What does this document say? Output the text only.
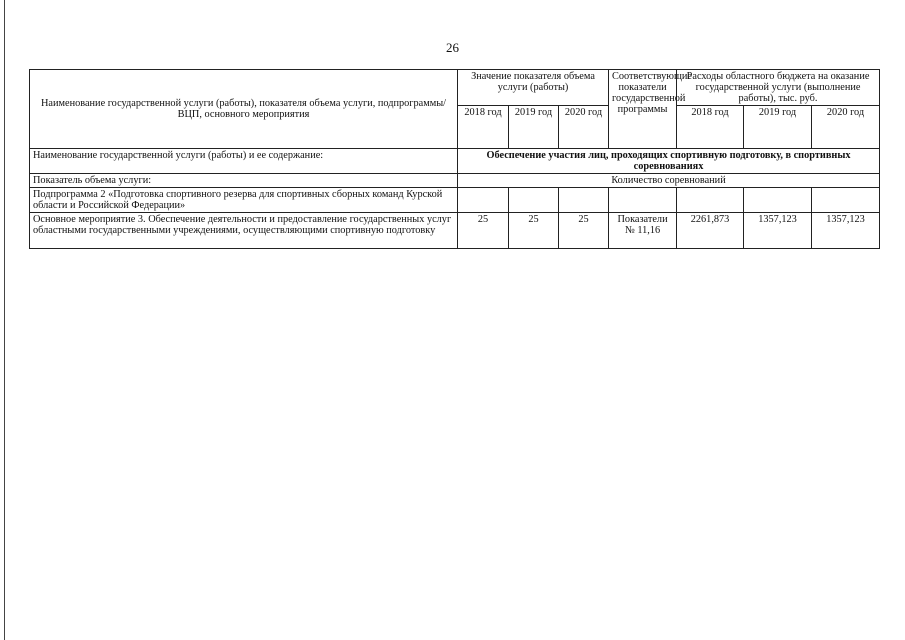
26
Наименование государственной услуги (работы), показателя объема услуги, подпрограммы/ВЦП, основного мероприятия	Значение показателя объема услуги (работы)			Соответствующие показатели государственной программы	Расходы областного бюджета на оказание государственной услуги (выполнение работы), тыс. руб.		
	2018 год	2019 год	2020 год		2018 год	2019 год	2020 год
Наименование государственной услуги (работы) и ее содержание:	Обеспечение участия лиц, проходящих спортивную подготовку, в спортивных соревнованиях						
Показатель объема услуги:	Количество соревнований						
Подпрограмма 2 «Подготовка спортивного резерва для спортивных сборных команд Курской области и Российской Федерации»							
Основное мероприятие 3. Обеспечение деятельности и предоставление государственных услуг областными государственными учреждениями, осуществляющими спортивную подготовку	25	25	25	Показатели № 11,16	2261,873	1357,123	1357,123
